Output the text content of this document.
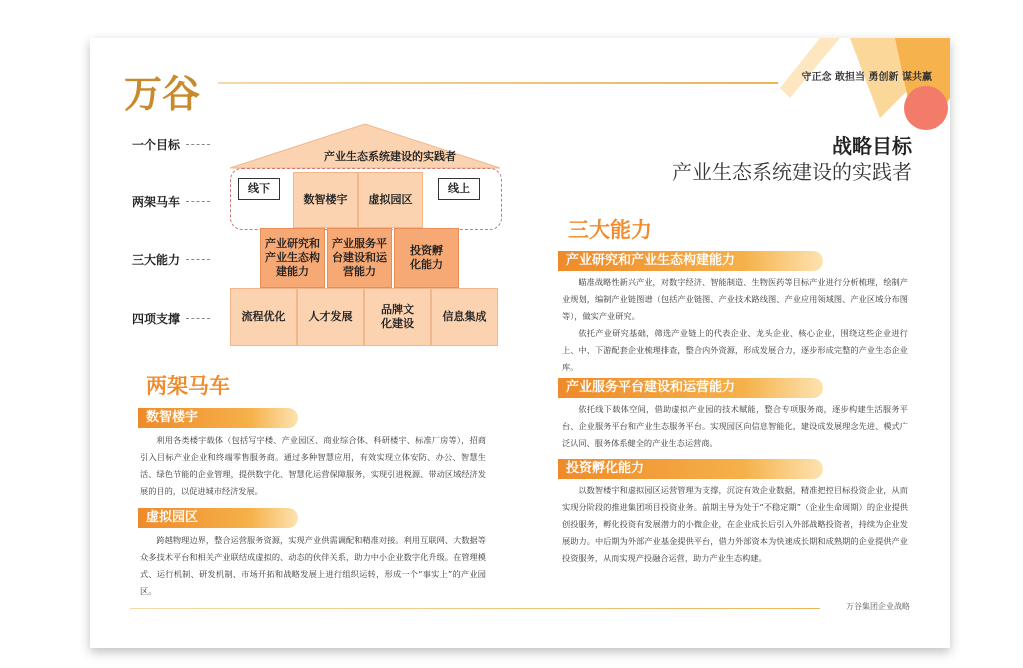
万谷	守正念 敢担当 勇创新 谋共赢
战略目标
产业生态系统建设的实践者
一个目标
两架马车
三大能力
四项支撑
产业生态系统建设的实践者
线下
数智楼宇	虚拟园区
线上
产业研究和产业生态构建能力
产业服务平台建设和运营能力
投资孵化能力
流程优化	人才发展
品牌文化建设
信息集成
两架马车
数智楼宇
利用各类楼宇载体（包括写字楼、产业园区、商业综合体、科研楼宇、标准厂房等），招商引入目标产业企业和终端零售服务商。通过多种智慧应用，有效实现立体安防、办公、智慧生活、绿色节能的企业管理，提供数字化、智慧化运营保障服务，实现引进税源、带动区域经济发展的目的，以促进城市经济发展。
虚拟园区
跨越物理边界，整合运营服务资源，实现产业供需调配和精准对接。利用互联网、大数据等众多技术平台和相关产业联结成虚拟的、动态的伙伴关系，助力中小企业数字化升级。在管理模式、运行机制、研发机制、市场开拓和战略发展上进行组织运转，形成一个“事实上”的产业园区。
三大能力
产业研究和产业生态构建能力
瞄准战略性新兴产业，对数字经济、智能制造、生物医药等目标产业进行分析梳理，绘制产业规划，编制产业链图谱（包括产业链图、产业技术路线图、产业应用领域图、产业区域分布图等），做实产业研究。
依托产业研究基础，筛选产业链上的代表企业、龙头企业、核心企业，围绕这些企业进行上、中、下游配套企业梳理排查，整合内外资源，形成发展合力，逐步形成完整的产业生态企业库。
产业服务平台建设和运营能力
依托线下载体空间，借助虚拟产业园的技术赋能，整合专项服务商，逐步构建生活服务平台、企业服务平台和产业生态服务平台。实现园区向信息智能化，建设成发展理念先进、模式广泛认同、服务体系健全的产业生态运营商。
投资孵化能力
以数智楼宇和虚拟园区运营管理为支撑，沉淀有效企业数据，精准把控目标投资企业，从而实现分阶段的推进集团项目投资业务。前期主导为处于“不稳定期”（企业生命周期）的企业提供创投服务，孵化投资有发展潜力的小微企业，在企业成长后引入外部战略投资者，持续为企业发展助力。中后期为外部产业基金提供平台，借力外部资本为快速成长期和成熟期的企业提供产业投资服务，从而实现产投融合运营，助力产业生态构建。
万谷集团企业战略
